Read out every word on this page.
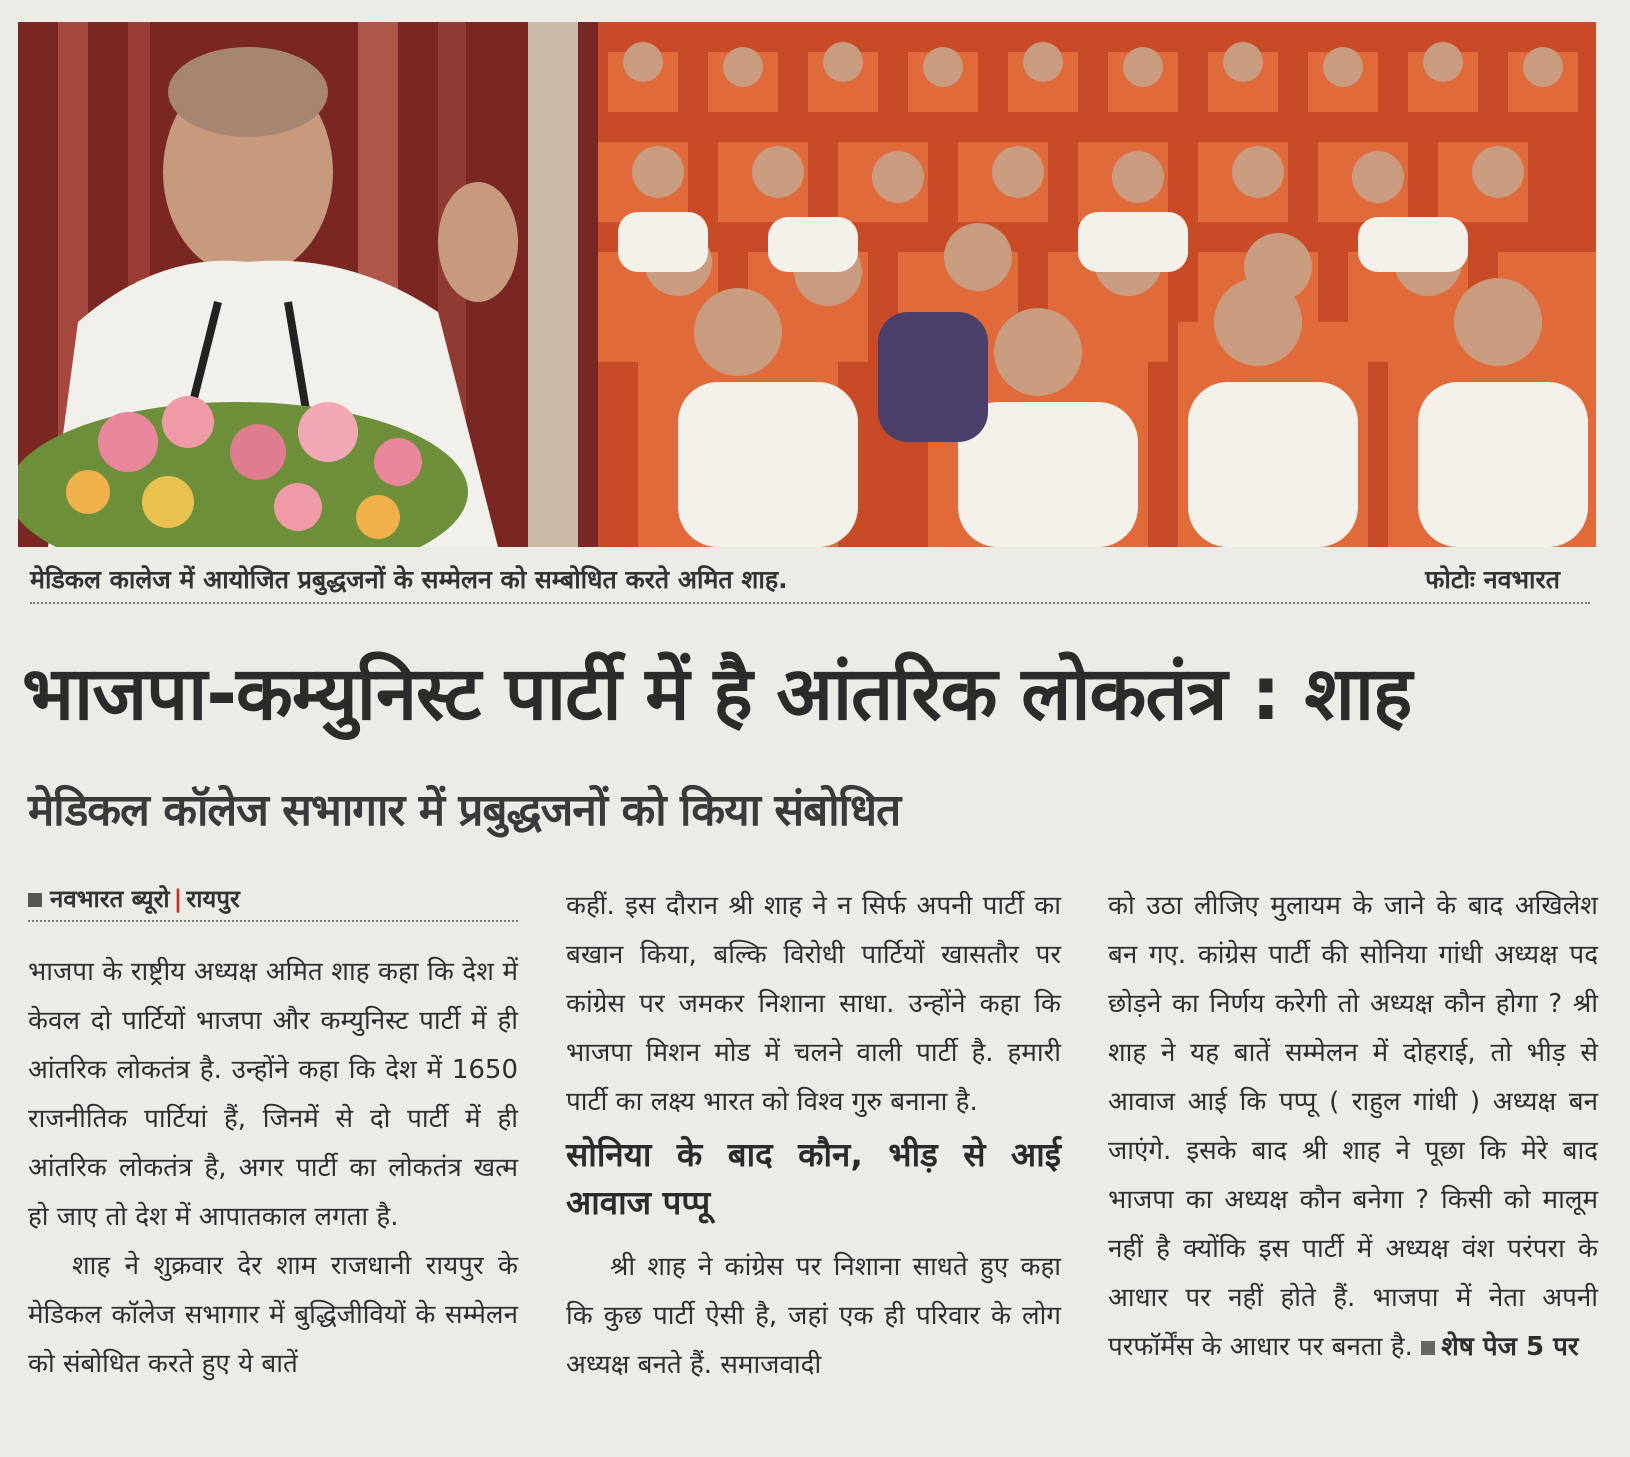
मेडिकल कालेज में आयोजित प्रबुद्धजनों के सम्मेलन को सम्बोधित करते अमित शाह.	फोटोः नवभारत
भाजपा-कम्युनिस्ट पार्टी में है आंतरिक लोकतंत्र : शाह
मेडिकल कॉलेज सभागार में प्रबुद्धजनों को किया संबोधित
नवभारत ब्यूरो | रायपुर

भाजपा के राष्ट्रीय अध्यक्ष अमित शाह कहा कि देश में केवल दो पार्टियों भाजपा और कम्युनिस्ट पार्टी में ही आंतरिक लोकतंत्र है. उन्होंने कहा कि देश में 1650 राजनीतिक पार्टियां हैं, जिनमें से दो पार्टी में ही आंतरिक लोकतंत्र है, अगर पार्टी का लोकतंत्र खत्म हो जाए तो देश में आपातकाल लगता है.

शाह ने शुक्रवार देर शाम राजधानी रायपुर के मेडिकल कॉलेज सभागार में बुद्धिजीवियों के सम्मेलन को संबोधित करते हुए ये बातें

कहीं. इस दौरान श्री शाह ने न सिर्फ अपनी पार्टी का बखान किया, बल्कि विरोधी पार्टियों खासतौर पर कांग्रेस पर जमकर निशाना साधा. उन्होंने कहा कि भाजपा मिशन मोड में चलने वाली पार्टी है. हमारी पार्टी का लक्ष्य भारत को विश्व गुरु बनाना है.

सोनिया के बाद कौन, भीड़ से आई आवाज पप्पू

श्री शाह ने कांग्रेस पर निशाना साधते हुए कहा कि कुछ पार्टी ऐसी है, जहां एक ही परिवार के लोग अध्यक्ष बनते हैं. समाजवादी

को उठा लीजिए मुलायम के जाने के बाद अखिलेश बन गए. कांग्रेस पार्टी की सोनिया गांधी अध्यक्ष पद छोड़ने का निर्णय करेगी तो अध्यक्ष कौन होगा ? श्री शाह ने यह बातें सम्मेलन में दोहराई, तो भीड़ से आवाज आई कि पप्पू ( राहुल गांधी ) अध्यक्ष बन जाएंगे. इसके बाद श्री शाह ने पूछा कि मेरे बाद भाजपा का अध्यक्ष कौन बनेगा ? किसी को मालूम नहीं है क्योंकि इस पार्टी में अध्यक्ष वंश परंपरा के आधार पर नहीं होते हैं. भाजपा में नेता अपनी परफॉर्मेंस के आधार पर बनता है. शेष पेज 5 पर
